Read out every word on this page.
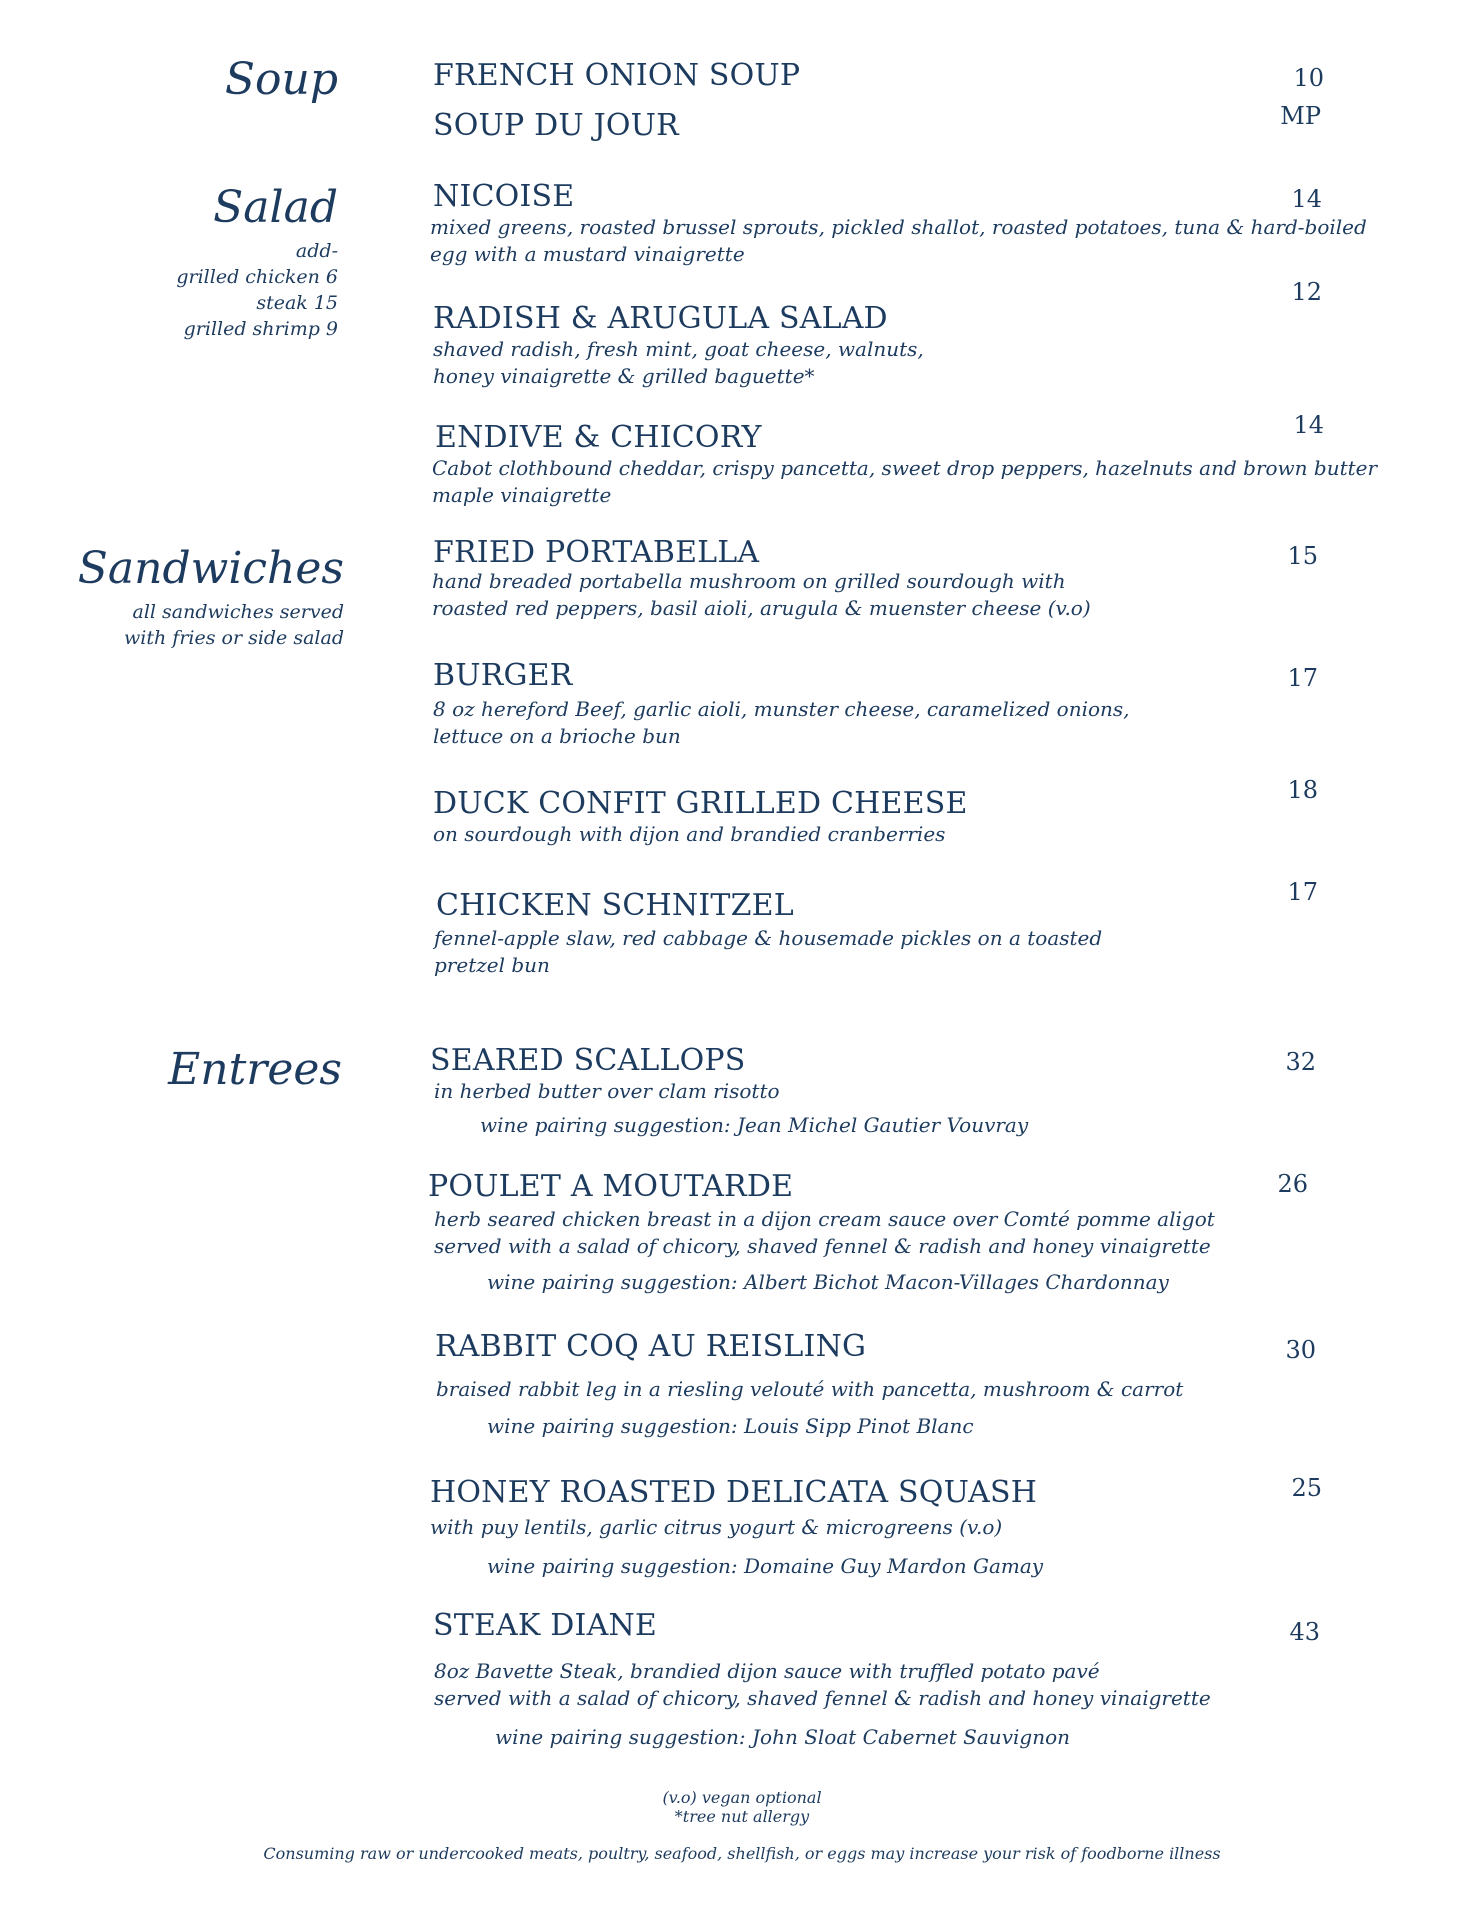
Soup
Salad
add-
grilled chicken 6
steak 15
grilled shrimp 9
Sandwiches
all sandwiches served
with fries or side salad
Entrees
FRENCH ONION SOUP	10
SOUP DU JOUR	MP
NICOISE
mixed greens, roasted brussel sprouts, pickled shallot, roasted potatoes, tuna & hard-boiled
egg with a mustard vinaigrette
14
RADISH & ARUGULA SALAD
shaved radish, fresh mint, goat cheese, walnuts,
honey vinaigrette & grilled baguette*
12
ENDIVE & CHICORY
Cabot clothbound cheddar, crispy pancetta, sweet drop peppers, hazelnuts and brown butter
maple vinaigrette
14
FRIED PORTABELLA
hand breaded portabella mushroom on grilled sourdough with
roasted red peppers, basil aioli, arugula & muenster cheese (v.o)
15
BURGER
8 oz hereford Beef, garlic aioli, munster cheese, caramelized onions,
lettuce on a brioche bun
17
DUCK CONFIT GRILLED CHEESE
on sourdough with dijon and brandied cranberries
18
CHICKEN SCHNITZEL
fennel-apple slaw, red cabbage & housemade pickles on a toasted
pretzel bun
17
SEARED SCALLOPS
in herbed butter over clam risotto
wine pairing suggestion: Jean Michel Gautier Vouvray
32
POULET A MOUTARDE
herb seared chicken breast in a dijon cream sauce over Comté pomme aligot
served with a salad of chicory, shaved fennel & radish and honey vinaigrette
wine pairing suggestion: Albert Bichot Macon-Villages Chardonnay
26
RABBIT COQ AU REISLING
braised rabbit leg in a riesling velouté with pancetta, mushroom & carrot
wine pairing suggestion: Louis Sipp Pinot Blanc
30
HONEY ROASTED DELICATA SQUASH
with puy lentils, garlic citrus yogurt & microgreens (v.o)
wine pairing suggestion: Domaine Guy Mardon Gamay
25
STEAK DIANE
8oz Bavette Steak, brandied dijon sauce with truffled potato pavé
served with a salad of chicory, shaved fennel & radish and honey vinaigrette
wine pairing suggestion: John Sloat Cabernet Sauvignon
43
(v.o) vegan optional
*tree nut allergy
Consuming raw or undercooked meats, poultry, seafood, shellfish, or eggs may increase your risk of foodborne illness
